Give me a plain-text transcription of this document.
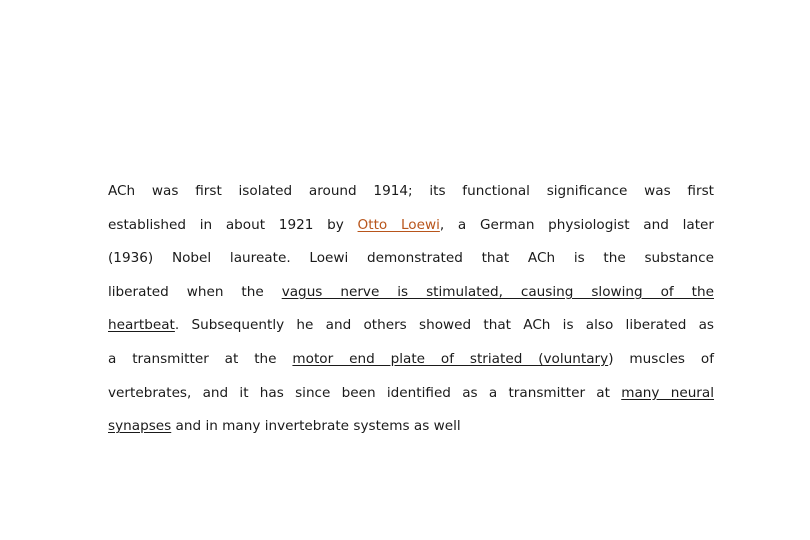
ACh was first isolated around 1914; its functional significance was first
established in about 1921 by Otto Loewi, a German physiologist and later
(1936) Nobel laureate. Loewi demonstrated that ACh is the substance
liberated when the vagus nerve is stimulated, causing slowing of the
heartbeat. Subsequently he and others showed that ACh is also liberated as
a transmitter at the motor end plate of striated (voluntary) muscles of
vertebrates, and it has since been identified as a transmitter at many neural
synapses and in many invertebrate systems as well
